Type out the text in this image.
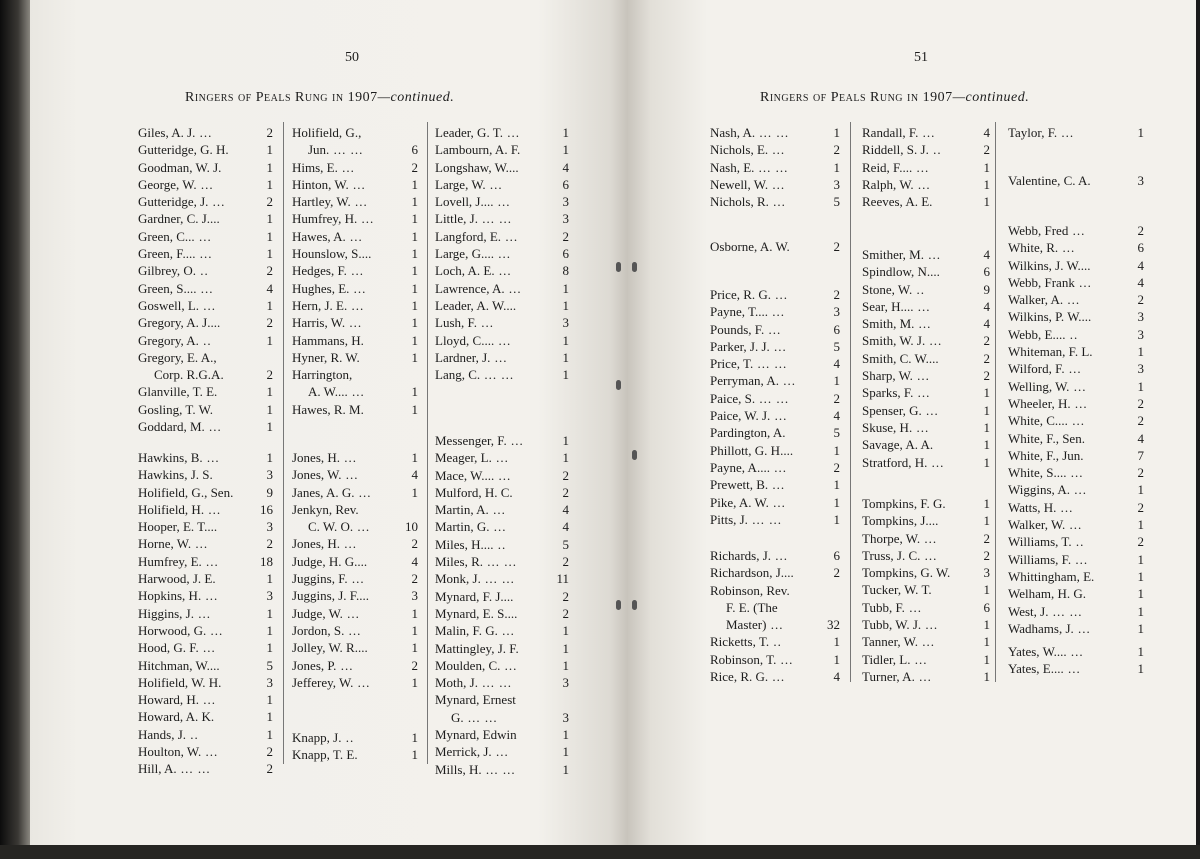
50
Ringers of Peals Rung in 1907—continued.
Giles, A. J. ...	2
Gutteridge, G. H.	1
Goodman, W. J.	1
George, W. ...	1
Gutteridge, J. ...	2
Gardner, C. J....	1
Green, C... ...	1
Green, F.... ...	1
Gilbrey, O. ..	2
Green, S.... ...	4
Goswell, L. ...	1
Gregory, A. J....	2
Gregory, A. ..	1
Gregory, E. A.,
Corp. R.G.A.	2
Glanville, T. E.	1
Gosling, T. W.	1
Goddard, M. ...	1
Hawkins, B. ...	1
Hawkins, J. S.	3
Holifield, G., Sen.	9
Holifield, H. ...	16
Hooper, E. T....	3
Horne, W. ...	2
Humfrey, E. ...	18
Harwood, J. E.	1
Hopkins, H. ...	3
Higgins, J. ...	1
Horwood, G. ...	1
Hood, G. F. ...	1
Hitchman, W....	5
Holifield, W. H.	3
Howard, H. ...	1
Howard, A. K.	1
Hands, J. ..	1
Houlton, W. ...	2
Hill, A. ... ...	2
Holifield, G.,
Jun. ... ...	6
Hims, E. ...	2
Hinton, W. ...	1
Hartley, W. ...	1
Humfrey, H. ...	1
Hawes, A. ...	1
Hounslow, S....	1
Hedges, F. ...	1
Hughes, E. ...	1
Hern, J. E. ...	1
Harris, W. ...	1
Hammans, H.	1
Hyner, R. W.	1
Harrington,
A. W.... ...	1
Hawes, R. M.	1
Jones, H. ...	1
Jones, W. ...	4
Janes, A. G. ...	1
Jenkyn, Rev.
C. W. O. ...	10
Jones, H. ...	2
Judge, H. G....	4
Juggins, F. ...	2
Juggins, J. F....	3
Judge, W. ...	1
Jordon, S. ...	1
Jolley, W. R....	1
Jones, P. ...	2
Jefferey, W. ...	1
Knapp, J. ..	1
Knapp, T. E.	1
Leader, G. T. ...	1
Lambourn, A. F.	1
Longshaw, W....	4
Large, W. ...	6
Lovell, J.... ...	3
Little, J. ... ...	3
Langford, E. ...	2
Large, G.... ...	6
Loch, A. E. ...	8
Lawrence, A. ...	1
Leader, A. W....	1
Lush, F. ...	3
Lloyd, C.... ...	1
Lardner, J. ...	1
Lang, C. ... ...	1
Messenger, F. ...	1
Meager, L. ...	1
Mace, W.... ...	2
Mulford, H. C.	2
Martin, A. ...	4
Martin, G. ...	4
Miles, H.... ..	5
Miles, R. ... ...	2
Monk, J. ... ...	11
Mynard, F. J....	2
Mynard, E. S....	2
Malin, F. G. ...	1
Mattingley, J. F.	1
Moulden, C. ...	1
Moth, J. ... ...	3
Mynard, Ernest
G. ... ...	3
Mynard, Edwin	1
Merrick, J. ...	1
Mills, H. ... ...	1
51
Ringers of Peals Rung in 1907—continued.
Nash, A. ... ...	1
Nichols, E. ...	2
Nash, E. ... ...	1
Newell, W. ...	3
Nichols, R. ...	5
Osborne, A. W.	2
Price, R. G. ...	2
Payne, T.... ...	3
Pounds, F. ...	6
Parker, J. J. ...	5
Price, T. ... ...	4
Perryman, A. ...	1
Paice, S. ... ...	2
Paice, W. J. ...	4
Pardington, A.	5
Phillott, G. H....	1
Payne, A.... ...	2
Prewett, B. ...	1
Pike, A. W. ...	1
Pitts, J. ... ...	1
Richards, J. ...	6
Richardson, J....	2
Robinson, Rev.
F. E. (The
Master) ...	32
Ricketts, T. ..	1
Robinson, T. ...	1
Rice, R. G. ...	4
Randall, F. ...	4
Riddell, S. J. ..	2
Reid, F.... ...	1
Ralph, W. ...	1
Reeves, A. E.	1
Smither, M. ...	4
Spindlow, N....	6
Stone, W. ..	9
Sear, H.... ...	4
Smith, M. ...	4
Smith, W. J. ...	2
Smith, C. W....	2
Sharp, W. ...	2
Sparks, F. ...	1
Spenser, G. ...	1
Skuse, H. ...	1
Savage, A. A.	1
Stratford, H. ...	1
Tompkins, F. G.	1
Tompkins, J....	1
Thorpe, W. ...	2
Truss, J. C. ...	2
Tompkins, G. W.	3
Tucker, W. T.	1
Tubb, F. ...	6
Tubb, W. J. ...	1
Tanner, W. ...	1
Tidler, L. ...	1
Turner, A. ...	1
Taylor, F. ...	1
Valentine, C. A.	3
Webb, Fred ...	2
White, R. ...	6
Wilkins, J. W....	4
Webb, Frank ...	4
Walker, A. ...	2
Wilkins, P. W....	3
Webb, E.... ..	3
Whiteman, F. L.	1
Wilford, F. ...	3
Welling, W. ...	1
Wheeler, H. ...	2
White, C.... ...	2
White, F., Sen.	4
White, F., Jun.	7
White, S.... ...	2
Wiggins, A. ...	1
Watts, H. ...	2
Walker, W. ...	1
Williams, T. ..	2
Williams, F. ...	1
Whittingham, E.	1
Welham, H. G.	1
West, J. ... ...	1
Wadhams, J. ...	1
Yates, W.... ...	1
Yates, E.... ...	1
